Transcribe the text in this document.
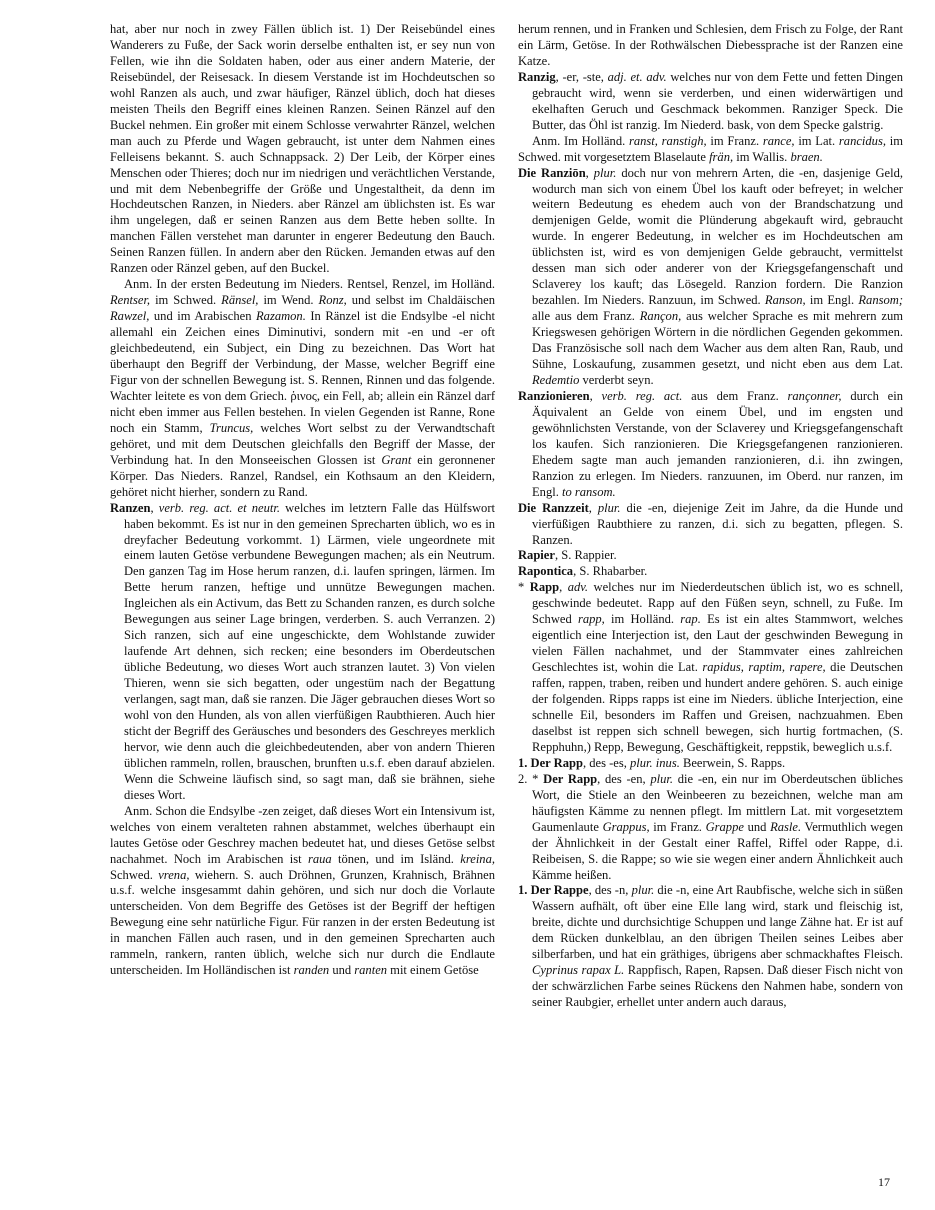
hat, aber nur noch in zwey Fällen üblich ist. 1) Der Reisebündel eines Wanderers zu Fuße, der Sack worin derselbe enthalten ist, er sey nun von Fellen, wie ihn die Soldaten haben, oder aus einer andern Materie, der Reisebündel, der Reisesack. In diesem Verstande ist im Hochdeutschen so wohl Ranzen als auch, und zwar häufiger, Ränzel üblich, doch hat dieses meisten Theils den Begriff eines kleinen Ranzen. Seinen Ränzel auf den Buckel nehmen. Ein großer mit einem Schlosse verwahrter Ränzel, welchen man auch zu Pferde und Wagen gebraucht, ist unter dem Nahmen eines Felleisens bekannt. S. auch Schnappsack. 2) Der Leib, der Körper eines Menschen oder Thieres; doch nur im niedrigen und verächtlichen Verstande, und mit dem Nebenbegriffe der Größe und Ungestaltheit, da denn im Hochdeutschen Ranzen, in Nieders. aber Ränzel am üblichsten ist. Es war ihm ungelegen, daß er seinen Ranzen aus dem Bette heben sollte. In manchen Fällen verstehet man darunter in engerer Bedeutung den Bauch. Seinen Ranzen füllen. In andern aber den Rücken. Jemanden etwas auf den Ranzen oder Ränzel geben, auf den Buckel.

Anm. In der ersten Bedeutung im Nieders. Rentsel, Renzel, im Holländ. Rentser, im Schwed. Ränsel, im Wend. Ronz, und selbst im Chaldäischen Rawzel, und im Arabischen Razamon. In Ränzel ist die Endsylbe -el nicht allemahl ein Zeichen eines Diminutivi, sondern mit -en und -er oft gleichbedeutend, ein Subject, ein Ding zu bezeichnen. Das Wort hat überhaupt den Begriff der Verbindung, der Masse, welcher Begriff eine Figur von der schnellen Bewegung ist. S. Rennen, Rinnen und das folgende. Wachter leitete es von dem Griech. ῥινος, ein Fell, ab; allein ein Ränzel darf nicht eben immer aus Fellen bestehen. In vielen Gegenden ist Ranne, Rone noch ein Stamm, Truncus, welches Wort selbst zu der Verwandtschaft gehöret, und mit dem Deutschen gleichfalls den Begriff der Masse, der Verbindung hat. In den Monseeischen Glossen ist Grant ein geronnener Körper. Das Nieders. Ranzel, Randsel, ein Kothsaum an den Kleidern, gehöret nicht hierher, sondern zu Rand.

Ranzen, verb. reg. act. et neutr. welches im letztern Falle das Hülfswort haben bekommt. Es ist nur in den gemeinen Sprecharten üblich, wo es in dreyfacher Bedeutung vorkommt. 1) Lärmen, viele ungeordnete mit einem lauten Getöse verbundene Bewegungen machen; als ein Neutrum. Den ganzen Tag im Hose herum ranzen, d.i. laufen springen, lärmen. Im Bette herum ranzen, heftige und unnütze Bewegungen machen. Ingleichen als ein Activum, das Bett zu Schanden ranzen, es durch solche Bewegungen aus seiner Lage bringen, verderben. S. auch Verranzen. 2) Sich ranzen, sich auf eine ungeschickte, dem Wohlstande zuwider laufende Art dehnen, sich recken; eine besonders im Oberdeutschen übliche Bedeutung, wo dieses Wort auch stranzen lautet. 3) Von vielen Thieren, wenn sie sich begatten, oder ungestüm nach der Begattung verlangen, sagt man, daß sie ranzen. Die Jäger gebrauchen dieses Wort so wohl von den Hunden, als von allen vierfüßigen Raubthieren. Auch hier sticht der Begriff des Geräusches und besonders des Geschreyes merklich hervor, wie denn auch die gleichbedeutenden, aber von andern Thieren üblichen rammeln, rollen, brauschen, brunften u.s.f. eben darauf abzielen. Wenn die Schweine läufisch sind, so sagt man, daß sie brähnen, siehe dieses Wort.

Anm. Schon die Endsylbe -zen zeiget, daß dieses Wort ein Intensivum ist, welches von einem veralteten rahnen abstammet, welches überhaupt ein lautes Getöse oder Geschrey machen bedeutet hat, und dieses Getöse selbst nachahmet. Noch im Arabischen ist raua tönen, und im Isländ. kreina, Schwed. vrena, wiehern. S. auch Dröhnen, Grunzen, Krahnisch, Brähnen u.s.f. welche insgesammt dahin gehören, und sich nur doch die Vorlaute unterscheiden. Von dem Begriffe des Getöses ist der Begriff der heftigen Bewegung eine sehr natürliche Figur. Für ranzen in der ersten Bedeutung ist in manchen Fällen auch rasen, und in den gemeinen Sprecharten auch rammeln, rankern, ranten üblich, welche sich nur durch die Endlaute unterscheiden. Im Holländischen ist randen und ranten mit einem Getöse

herum rennen, und in Franken und Schlesien, dem Frisch zu Folge, der Rant ein Lärm, Getöse. In der Rothwälschen Diebessprache ist der Ranzen eine Katze.

Ranzig, -er, -ste, adj. et. adv. welches nur von dem Fette und fetten Dingen gebraucht wird, wenn sie verderben, und einen widerwärtigen und ekelhaften Geruch und Geschmack bekommen. Ranziger Speck. Die Butter, das Öhl ist ranzig. Im Niederd. bask, von dem Specke galstrig.

Anm. Im Holländ. ranst, ranstigh, im Franz. rance, im Lat. rancidus, im Schwed. mit vorgesetztem Blaselaute frän, im Wallis. braen.

Die Ranziōn, plur. doch nur von mehrern Arten, die -en, dasjenige Geld, wodurch man sich von einem Übel los kauft oder befreyet; in welcher weitern Bedeutung es ehedem auch von der Brandschatzung und demjenigen Gelde, womit die Plünderung abgekauft wird, gebraucht wurde. In engerer Bedeutung, in welcher es im Hochdeutschen am üblichsten ist, wird es von demjenigen Gelde gebraucht, vermittelst dessen man sich oder anderer von der Kriegsgefangenschaft und Sclaverey los kauft; das Lösegeld. Ranzion fordern. Die Ranzion bezahlen. Im Nieders. Ranzuun, im Schwed. Ranson, im Engl. Ransom; alle aus dem Franz. Rançon, aus welcher Sprache es mit mehrern zum Kriegswesen gehörigen Wörtern in die nördlichen Gegenden gekommen. Das Französische soll nach dem Wacher aus dem alten Ran, Raub, und Sühne, Loskaufung, zusammen gesetzt, und nicht eben aus dem Lat. Redemtio verderbt seyn.

Ranzionieren, verb. reg. act. aus dem Franz. rançonner, durch ein Äquivalent an Gelde von einem Übel, und im engsten und gewöhnlichsten Verstande, von der Sclaverey und Kriegsgefangenschaft los kaufen. Sich ranzionieren. Die Kriegsgefangenen ranzionieren. Ehedem sagte man auch jemanden ranzionieren, d.i. ihn zwingen, Ranzion zu erlegen. Im Nieders. ranzuunen, im Oberd. nur ranzen, im Engl. to ransom.

Die Ranzzeit, plur. die -en, diejenige Zeit im Jahre, da die Hunde und vierfüßigen Raubthiere zu ranzen, d.i. sich zu begatten, pflegen. S. Ranzen.

Rapier, S. Rappier.

Rapontica, S. Rhabarber.

* Rapp, adv. welches nur im Niederdeutschen üblich ist, wo es schnell, geschwinde bedeutet. Rapp auf den Füßen seyn, schnell, zu Fuße. Im Schwed rapp, im Holländ. rap. Es ist ein altes Stammwort, welches eigentlich eine Interjection ist, den Laut der geschwinden Bewegung in vielen Fällen nachahmet, und der Stammvater eines zahlreichen Geschlechtes ist, wohin die Lat. rapidus, raptim, rapere, die Deutschen raffen, rappen, traben, reiben und hundert andere gehören. S. auch einige der folgenden. Ripps rapps ist eine im Nieders. übliche Interjection, eine schnelle Eil, besonders im Raffen und Greisen, nachzuahmen. Eben daselbst ist reppen sich schnell bewegen, sich hurtig fortmachen, (S. Repphuhn,) Repp, Bewegung, Geschäftigkeit, reppstik, beweglich u.s.f.

1. Der Rapp, des -es, plur. inus. Beerwein, S. Rapps.

2. * Der Rapp, des -en, plur. die -en, ein nur im Oberdeutschen übliches Wort, die Stiele an den Weinbeeren zu bezeichnen, welche man am häufigsten Kämme zu nennen pflegt. Im mittlern Lat. mit vorgesetztem Gaumenlaute Grappus, im Franz. Grappe und Rasle. Vermuthlich wegen der Ähnlichkeit in der Gestalt einer Raffel, Riffel oder Rappe, d.i. Reibeisen, S. die Rappe; so wie sie wegen einer andern Ähnlichkeit auch Kämme heißen.

1. Der Rappe, des -n, plur. die -n, eine Art Raubfische, welche sich in süßen Wassern aufhält, oft über eine Elle lang wird, stark und fleischig ist, breite, dichte und durchsichtige Schuppen und lange Zähne hat. Er ist auf dem Rücken dunkelblau, an den übrigen Theilen seines Leibes aber silberfarben, und hat ein gräthiges, übrigens aber schmackhaftes Fleisch. Cyprinus rapax L. Rappfisch, Rapen, Rapsen. Daß dieser Fisch nicht von der schwärzlichen Farbe seines Rückens den Nahmen habe, sondern von seiner Raubgier, erhellet unter andern auch daraus,

17
